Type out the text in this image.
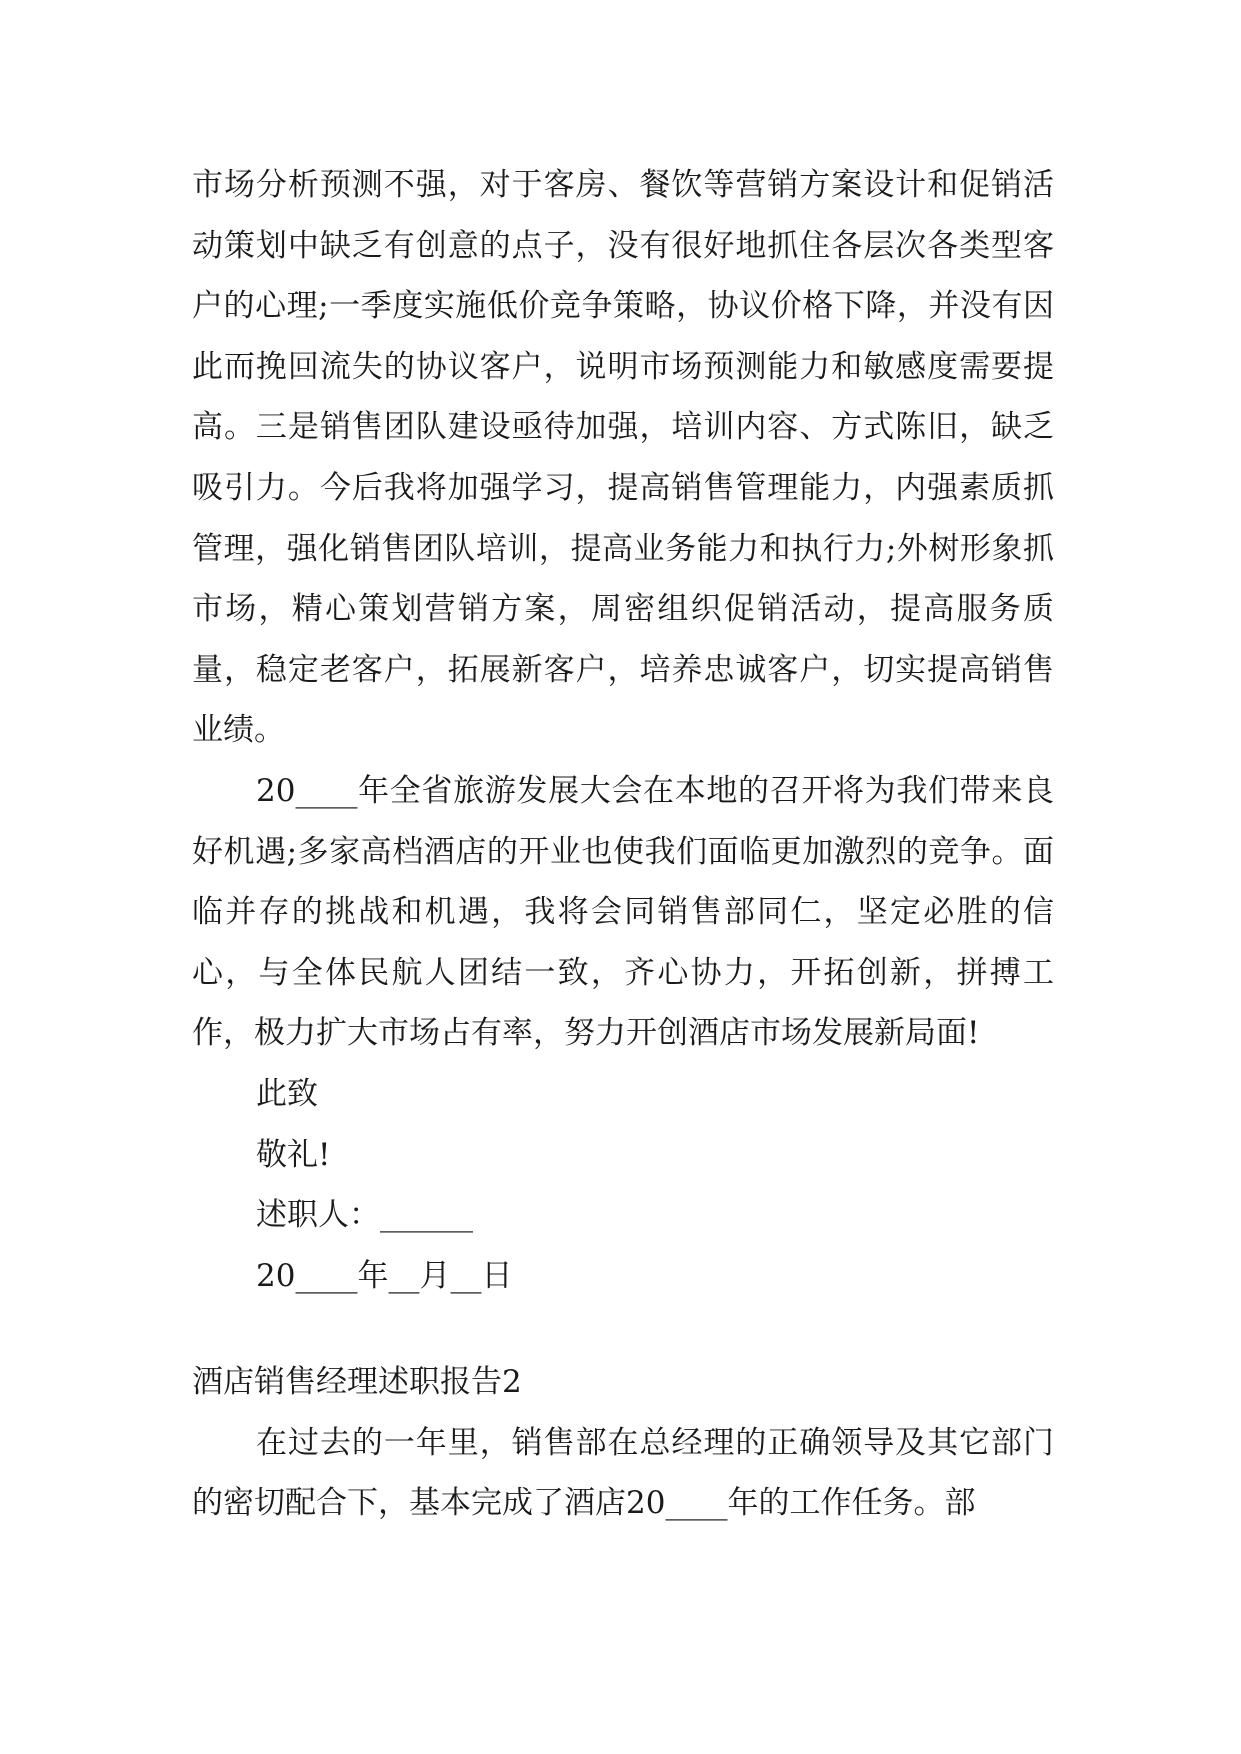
市场分析预测不强，对于客房、餐饮等营销方案设计和促销活动策划中缺乏有创意的点子，没有很好地抓住各层次各类型客户的心理;一季度实施低价竞争策略，协议价格下降，并没有因此而挽回流失的协议客户，说明市场预测能力和敏感度需要提高。三是销售团队建设亟待加强，培训内容、方式陈旧，缺乏吸引力。今后我将加强学习，提高销售管理能力，内强素质抓管理，强化销售团队培训，提高业务能力和执行力;外树形象抓市场，精心策划营销方案，周密组织促销活动，提高服务质量，稳定老客户，拓展新客户，培养忠诚客户，切实提高销售业绩。

20____年全省旅游发展大会在本地的召开将为我们带来良好机遇;多家高档酒店的开业也使我们面临更加激烈的竞争。面临并存的挑战和机遇，我将会同销售部同仁，坚定必胜的信心，与全体民航人团结一致，齐心协力，开拓创新，拼搏工作，极力扩大市场占有率，努力开创酒店市场发展新局面!

此致

敬礼!

述职人：______

20____年__月__日

酒店销售经理述职报告2

在过去的一年里，销售部在总经理的正确领导及其它部门的密切配合下，基本完成了酒店20____年的工作任务。部
